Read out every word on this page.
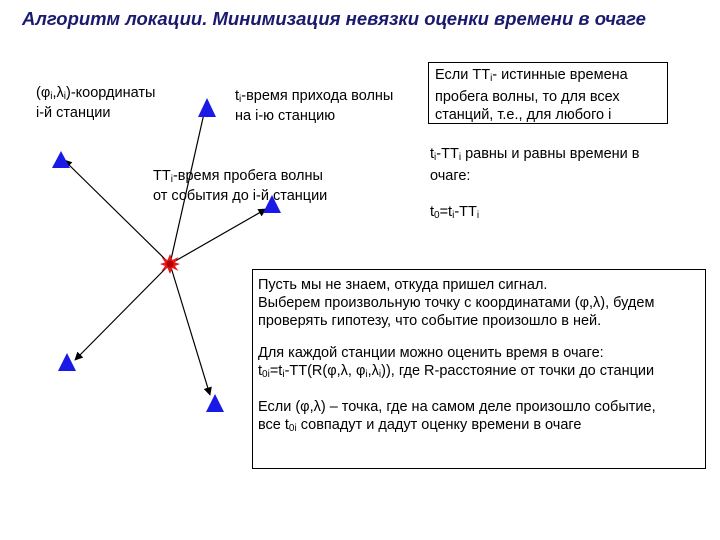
Алгоритм локации. Минимизация невязки оценки времени в очаге
$(\varphi_i,\lambda_i)$-координаты
i-й станции
$t_i$-время прихода волны
на i-ю станцию
$TT_i$-время пробега волны
от события до i-й станции
Если $TT_i-$ истинные времена
пробега волны, то для всех
станций, т.е., для любого i
$t_i-TT_i$ равны и равны времени в
очаге:
$t_0=t_i-TT_i$

Пусть мы не знаем, откуда пришел сигнал.
Выберем произвольную точку с координатами (φ,λ), будем
проверять гипотезу, что событие произошло в ней.

Для каждой станции можно оценить время в очаге:
$t_{0i}=t_i-TT(R(\varphi,\lambda$, $\varphi_i,\lambda_i$)), где R-расстояние от точки до станции

Если (φ,λ) – точка, где на самом деле произошло событие,
все $t_{0i}$ совпадут и дадут оценку времени в очаге
